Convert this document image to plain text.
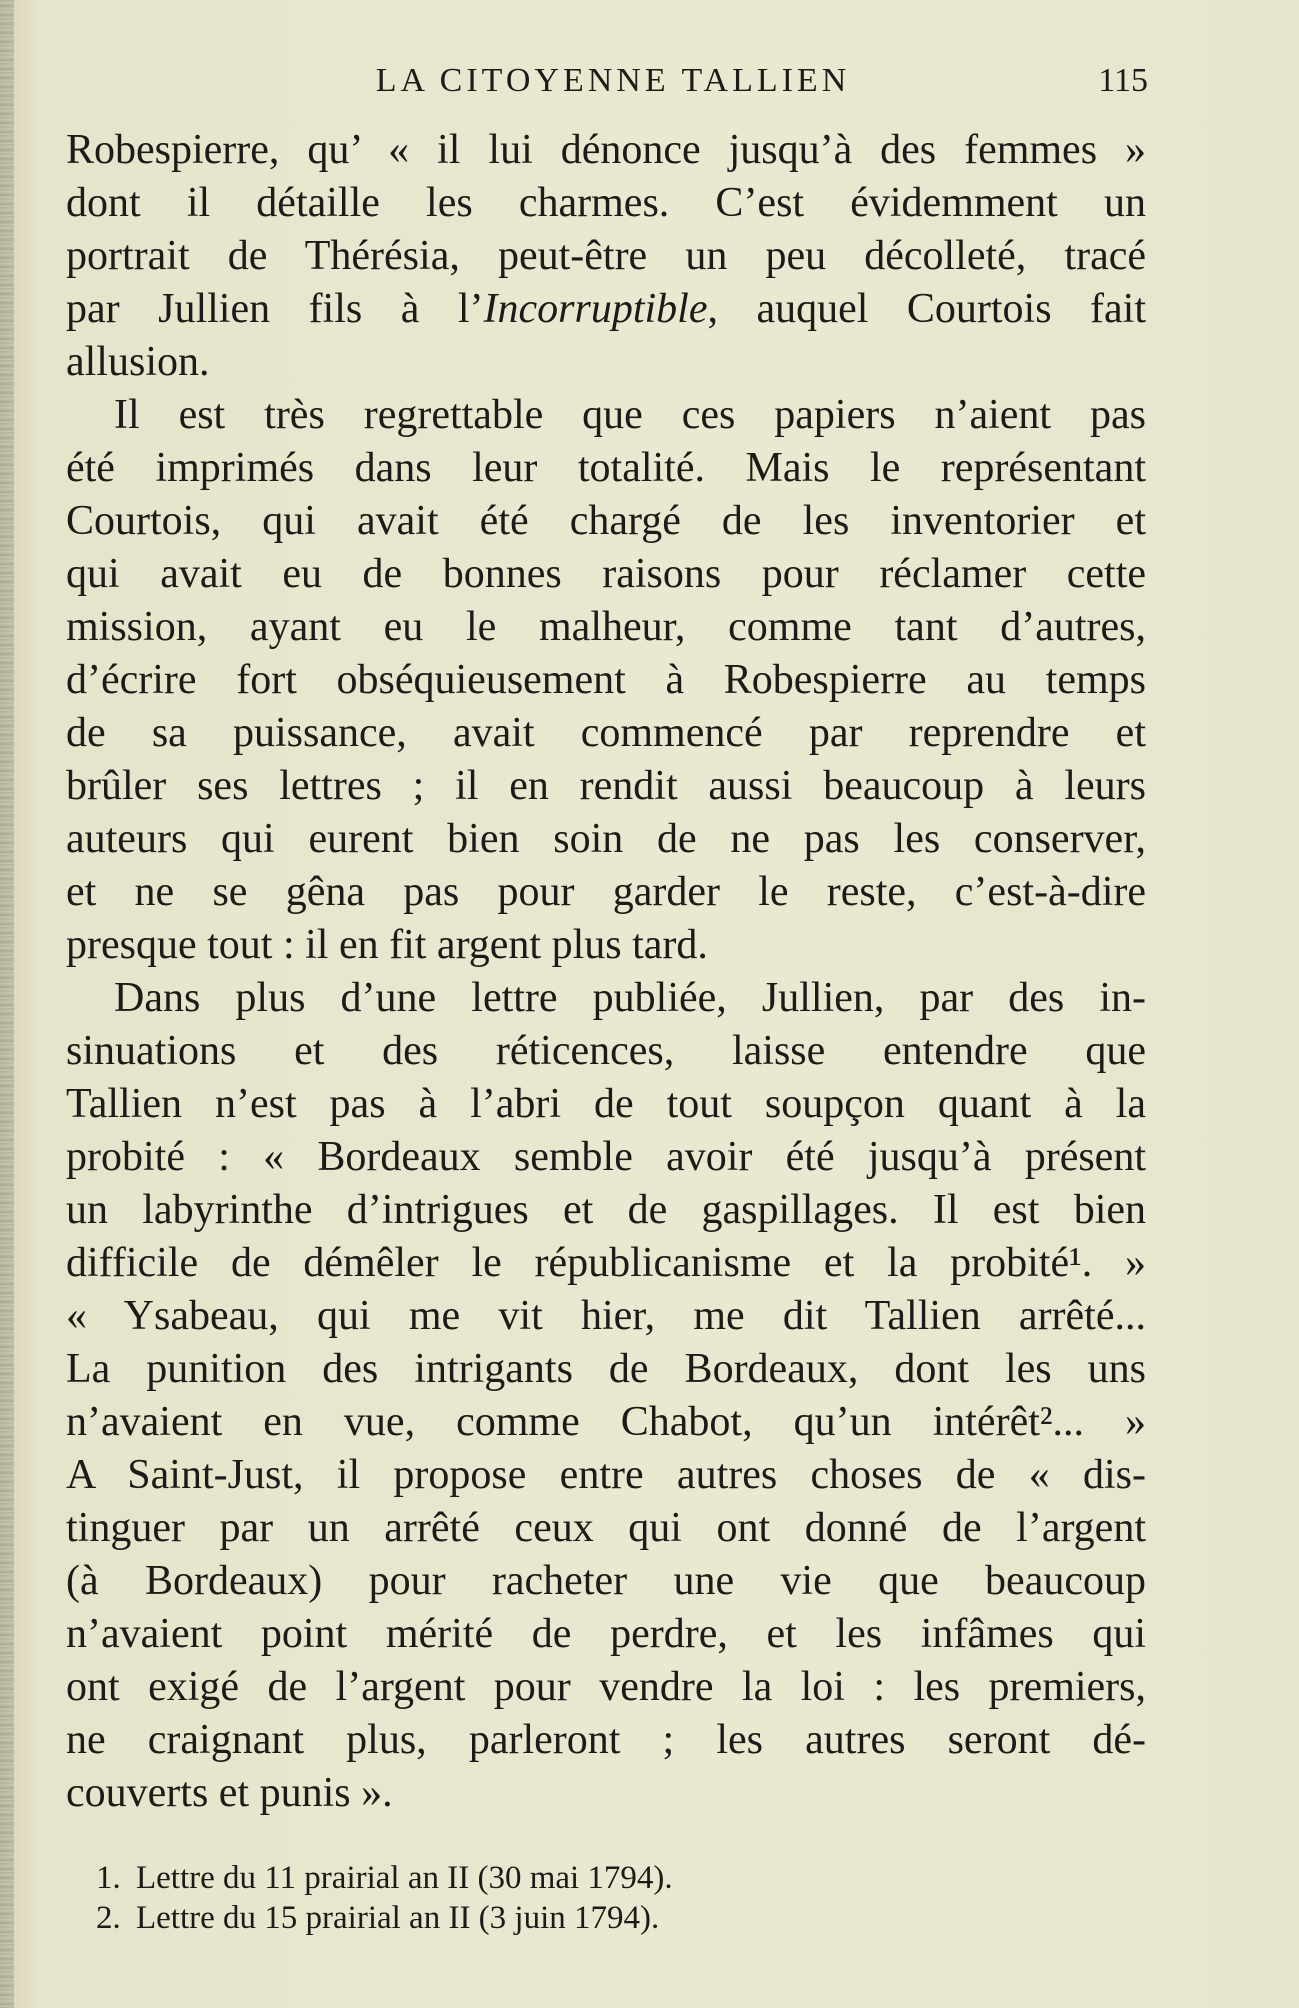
LA CITOYENNE TALLIEN	115
Robespierre, qu’ « il lui dénonce jusqu’à des femmes »
dont il détaille les charmes. C’est évidemment un
portrait de Thérésia, peut-être un peu décolleté, tracé
par Jullien fils à l’Incorruptible, auquel Courtois fait
allusion.
Il est très regrettable que ces papiers n’aient pas
été imprimés dans leur totalité. Mais le représentant
Courtois, qui avait été chargé de les inventorier et
qui avait eu de bonnes raisons pour réclamer cette
mission, ayant eu le malheur, comme tant d’autres,
d’écrire fort obséquieusement à Robespierre au temps
de sa puissance, avait commencé par reprendre et
brûler ses lettres ; il en rendit aussi beaucoup à leurs
auteurs qui eurent bien soin de ne pas les conserver,
et ne se gêna pas pour garder le reste, c’est-à-dire
presque tout : il en fit argent plus tard.
Dans plus d’une lettre publiée, Jullien, par des in-
sinuations et des réticences, laisse entendre que
Tallien n’est pas à l’abri de tout soupçon quant à la
probité : « Bordeaux semble avoir été jusqu’à présent
un labyrinthe d’intrigues et de gaspillages. Il est bien
difficile de démêler le républicanisme et la probité¹. »
« Ysabeau, qui me vit hier, me dit Tallien arrêté...
La punition des intrigants de Bordeaux, dont les uns
n’avaient en vue, comme Chabot, qu’un intérêt²... »
A Saint-Just, il propose entre autres choses de « dis-
tinguer par un arrêté ceux qui ont donné de l’argent
(à Bordeaux) pour racheter une vie que beaucoup
n’avaient point mérité de perdre, et les infâmes qui
ont exigé de l’argent pour vendre la loi : les premiers,
ne craignant plus, parleront ; les autres seront dé-
couverts et punis ».
1. Lettre du 11 prairial an II (30 mai 1794).
2. Lettre du 15 prairial an II (3 juin 1794).
